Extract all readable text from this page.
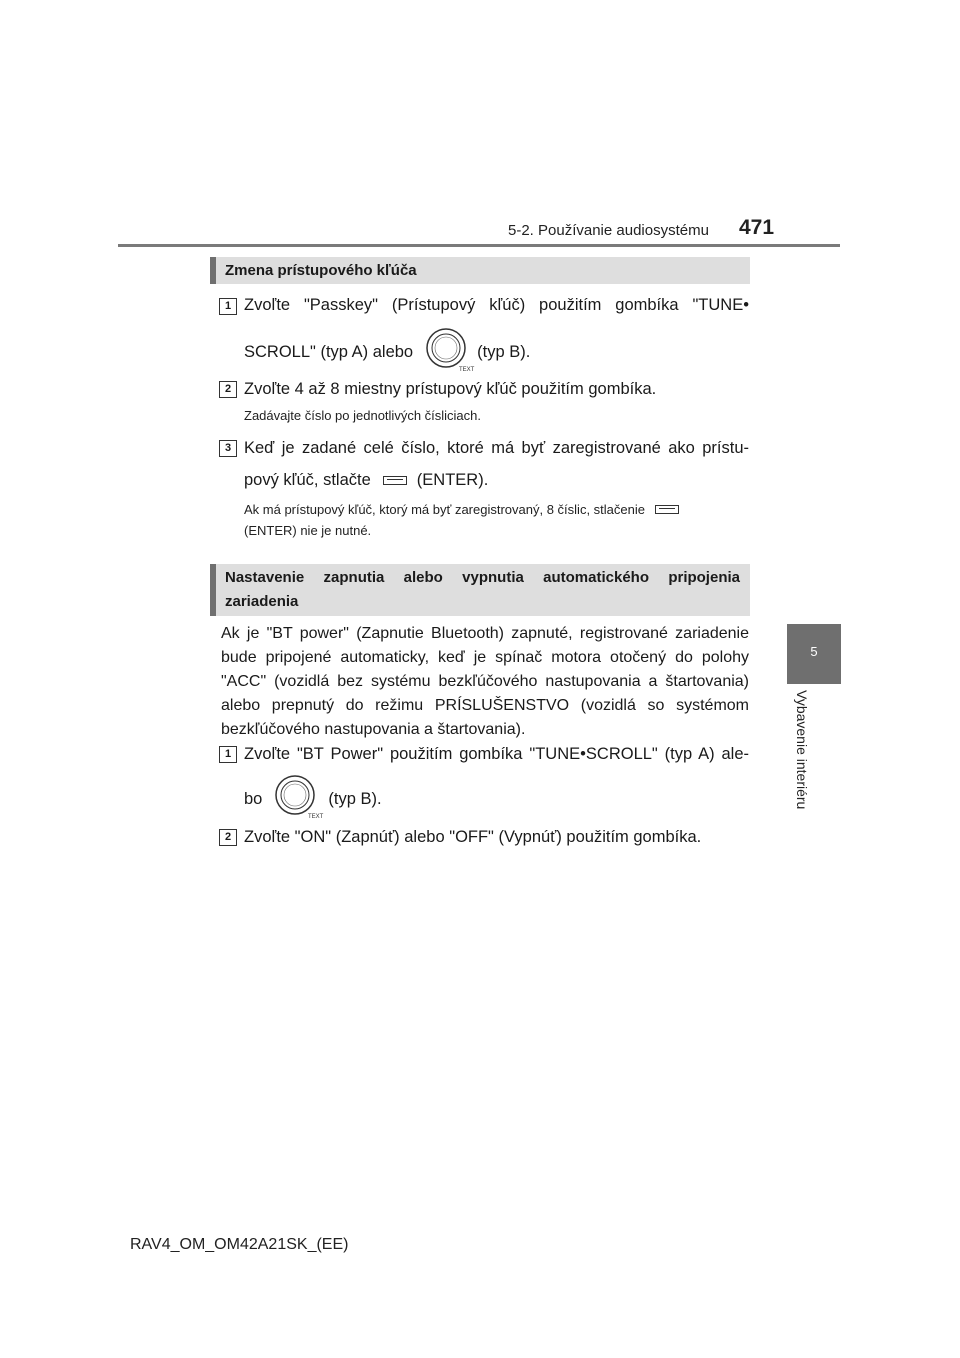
5-2. Používanie audiosystému 471
5
Vybavenie interiéru
Zmena prístupového kľúča
1 Zvoľte "Passkey" (Prístupový kľúč) použitím gombíka "TUNE•
SCROLL" (typ A) alebo
TEXT
(typ B).
2 Zvoľte 4 až 8 miestny prístupový kľúč použitím gombíka.
Zadávajte číslo po jednotlivých čísliciach.
3 Keď je zadané celé číslo, ktoré má byť zaregistrované ako prístu-
pový kľúč, stlačte	(ENTER).
Ak má prístupový kľúč, ktorý má byť zaregistrovaný, 8 číslic, stlačenie
(ENTER) nie je nutné.
Nastavenie zapnutia alebo vypnutia automatického pripojenia
zariadenia
Ak je "BT power" (Zapnutie Bluetooth) zapnuté, registrované zariadenie bude pripojené automaticky, keď je spínač motora otočený do polohy "ACC" (vozidlá bez systému bezkľúčového nastupovania a štartovania) alebo prepnutý do režimu PRÍSLUŠENSTVO (vozidlá so systémom bezkľúčového nastupovania a štartovania).
1 Zvoľte "BT Power" použitím gombíka "TUNE•SCROLL" (typ A) ale-
bo
TEXT
(typ B).
2 Zvoľte "ON" (Zapnúť) alebo "OFF" (Vypnúť) použitím gombíka.
RAV4_OM_OM42A21SK_(EE)
